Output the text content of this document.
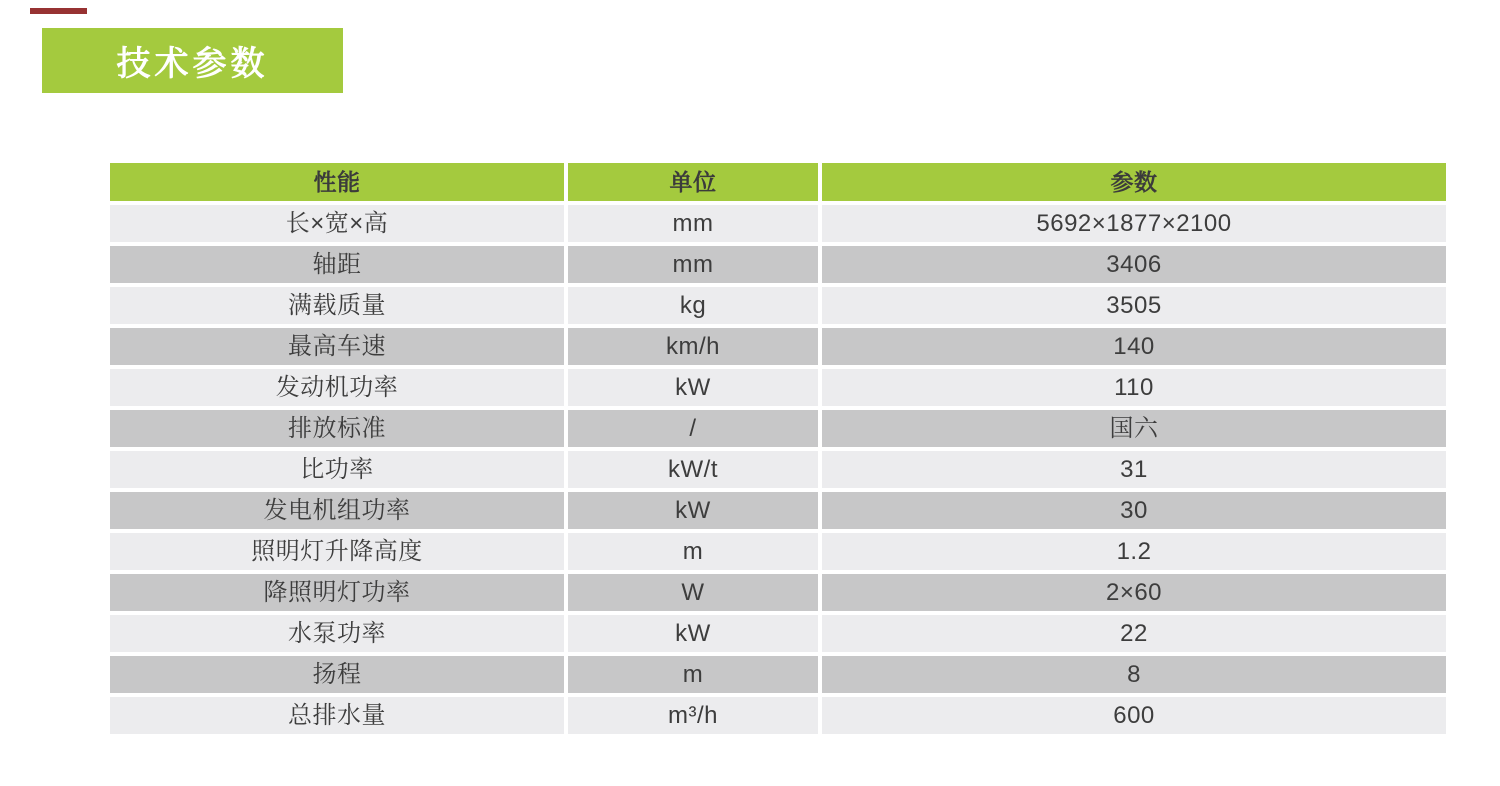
技术参数
性能	单位	参数
长×宽×高	mm	5692×1877×2100
轴距	mm	3406
满载质量	kg	3505
最高车速	km/h	140
发动机功率	kW	110
排放标准	/	国六
比功率	kW/t	31
发电机组功率	kW	30
照明灯升降高度	m	1.2
降照明灯功率	W	2×60
水泵功率	kW	22
扬程	m	8
总排水量	m³/h	600
